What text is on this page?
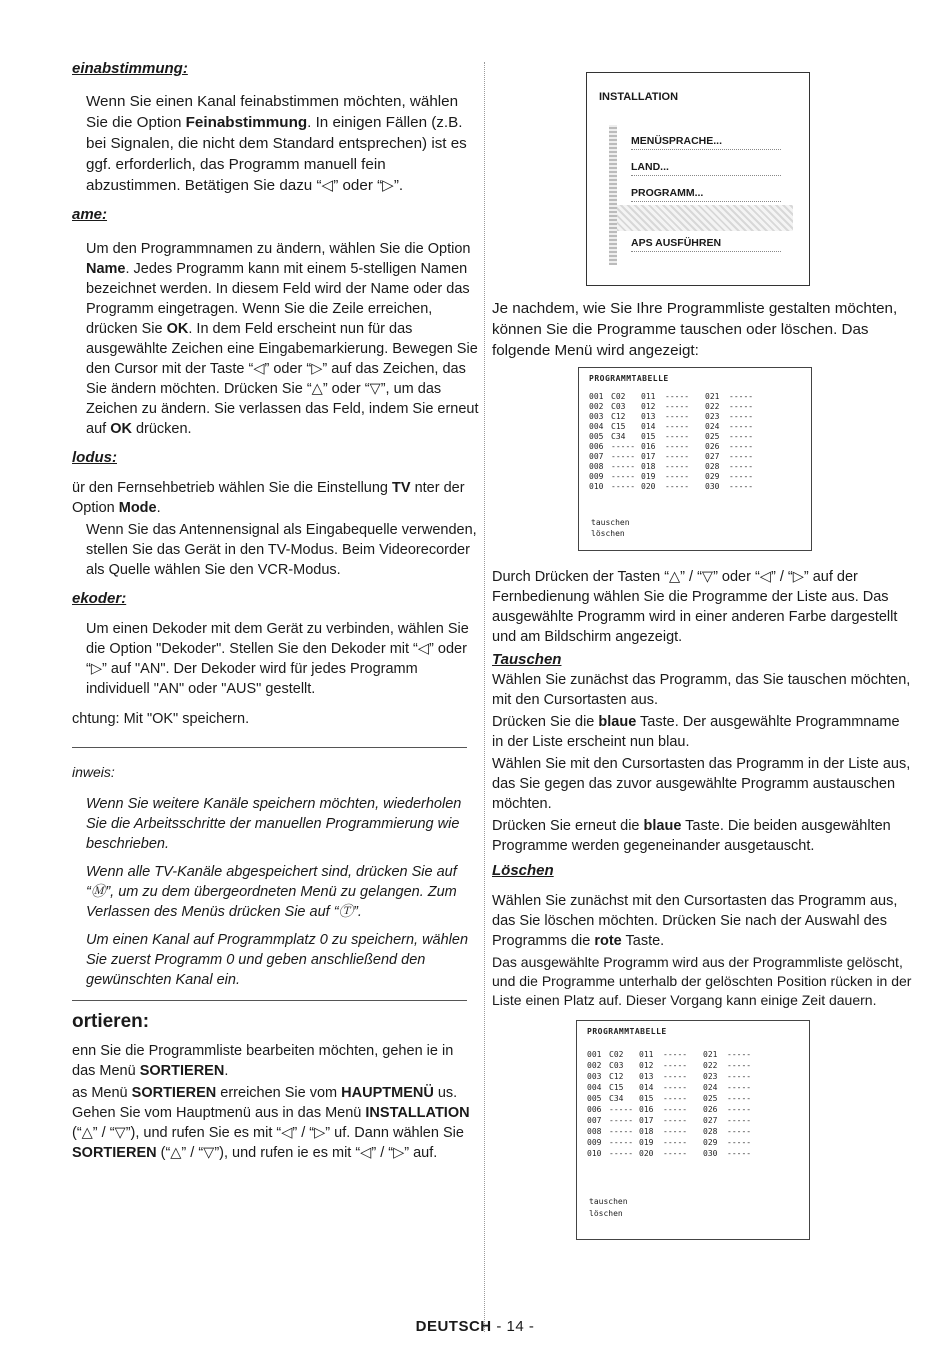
einabstimmung:

Wenn Sie einen Kanal feinabstimmen möchten, wählen Sie die Option Feinabstimmung. In einigen Fällen (z.B. bei Signalen, die nicht dem Standard entsprechen) ist es ggf. erforderlich, das Programm manuell fein abzustimmen. Betätigen Sie dazu “◁” oder “▷”.

ame:

Um den Programmnamen zu ändern, wählen Sie die Option Name. Jedes Programm kann mit einem 5-stelligen Namen bezeichnet werden. In diesem Feld wird der Name oder das Programm eingetragen. Wenn Sie die Zeile erreichen, drücken Sie OK. In dem Feld erscheint nun für das ausgewählte Zeichen eine Eingabemarkierung. Bewegen Sie den Cursor mit der Taste “◁” oder “▷” auf das Zeichen, das Sie ändern möchten. Drücken Sie “△” oder “▽”, um das Zeichen zu ändern. Sie verlassen das Feld, indem Sie erneut auf OK drücken.

lodus:

ür den Fernsehbetrieb wählen Sie die Einstellung TV nter der Option Mode.

Wenn Sie das Antennensignal als Eingabequelle verwenden, stellen Sie das Gerät in den TV-Modus. Beim Videorecorder als Quelle wählen Sie den VCR-Modus.

ekoder:

Um einen Dekoder mit dem Gerät zu verbinden, wählen Sie die Option "Dekoder". Stellen Sie den Dekoder mit “◁” oder “▷” auf "AN". Der Dekoder wird für jedes Programm individuell "AN" oder "AUS" gestellt.

chtung: Mit "OK" speichern.

inweis:

Wenn Sie weitere Kanäle speichern möchten, wiederholen Sie die Arbeitsschritte der manuellen Programmierung wie beschrieben.

Wenn alle TV-Kanäle abgespeichert sind, drücken Sie auf “Ⓜ”, um zu dem übergeordneten Menü zu gelangen. Zum Verlassen des Menüs drücken Sie auf “Ⓣ”.

Um einen Kanal auf Programmplatz 0 zu speichern, wählen Sie zuerst Programm 0 und geben anschließend den gewünschten Kanal ein.

ortieren:

enn Sie die Programmliste bearbeiten möchten, gehen ie in das Menü SORTIEREN.

as Menü SORTIEREN erreichen Sie vom HAUPTMENÜ us. Gehen Sie vom Hauptmenü aus in das Menü INSTALLATION (“△” / “▽”), und rufen Sie es mit “◁” / “▷” uf. Dann wählen Sie SORTIEREN (“△” / “▽”), und rufen ie es mit “◁” / “▷” auf.

INSTALLATION
MENÜSPRACHE...
LAND...
PROGRAMM...
APS AUSFÜHREN

Je nachdem, wie Sie Ihre Programmliste gestalten möchten, können Sie die Programme tauschen oder löschen. Das folgende Menü wird angezeigt:

PROGRAMMTABELLE
001 C02	011	-----	021	-----
002 C03	012	-----	022	-----
003 C12	013	-----	023	-----
004 C15	014	-----	024	-----
005 C34	015	-----	025	-----
006 ----- 016	-----	026	-----
007 ----- 017	-----	027	-----
008 ----- 018	-----	028	-----
009 ----- 019	-----	029	-----
010 ----- 020	-----	030	-----
tauschen
löschen

Durch Drücken der Tasten “△” / “▽” oder “◁” / “▷” auf der Fernbedienung wählen Sie die Programme der Liste aus. Das ausgewählte Programm wird in einer anderen Farbe dargestellt und am Bildschirm angezeigt.

Tauschen

Wählen Sie zunächst das Programm, das Sie tauschen möchten, mit den Cursortasten aus.

Drücken Sie die blaue Taste. Der ausgewählte Programmname in der Liste erscheint nun blau.

Wählen Sie mit den Cursortasten das Programm in der Liste aus, das Sie gegen das zuvor ausgewählte Programm austauschen möchten.

Drücken Sie erneut die blaue Taste. Die beiden ausgewählten Programme werden gegeneinander ausgetauscht.

Löschen

Wählen Sie zunächst mit den Cursortasten das Programm aus, das Sie löschen möchten. Drücken Sie nach der Auswahl des Programms die rote Taste.

Das ausgewählte Programm wird aus der Programmliste gelöscht, und die Programme unterhalb der gelöschten Position rücken in der Liste einen Platz auf. Dieser Vorgang kann einige Zeit dauern.

PROGRAMMTABELLE
001 C02	011	-----	021	-----
002 C03	012	-----	022	-----
003 C12	013	-----	023	-----
004 C15	014	-----	024	-----
005 C34	015	-----	025	-----
006 ----- 016	-----	026	-----
007 ----- 017	-----	027	-----
008 ----- 018	-----	028	-----
009 ----- 019	-----	029	-----
010 ----- 020	-----	030	-----
tauschen
löschen
DEUTSCH - 14 -
